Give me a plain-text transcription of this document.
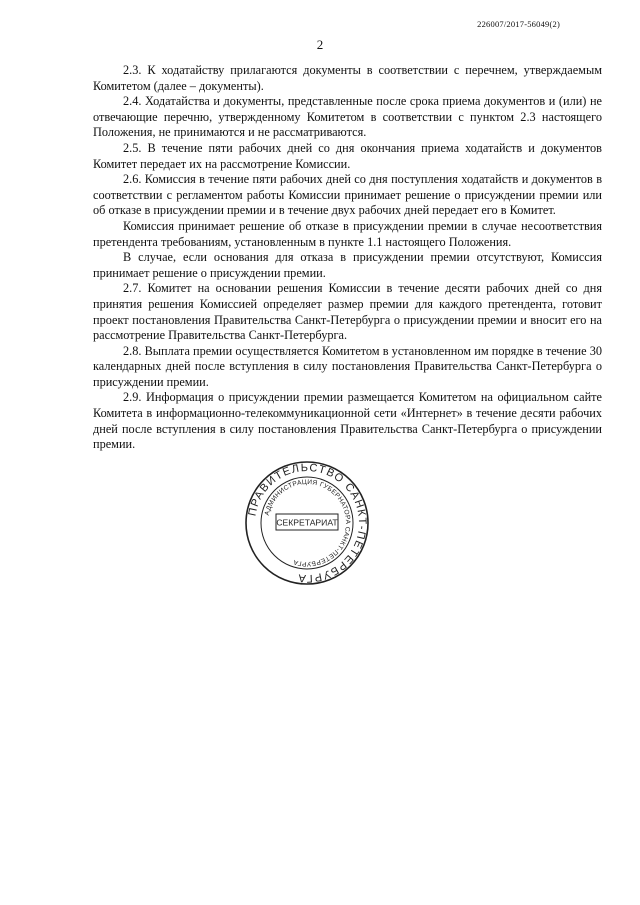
226007/2017-56049(2)
2

2.3. К ходатайству прилагаются документы в соответствии с перечнем, утверждаемым Комитетом (далее – документы).

2.4. Ходатайства и документы, представленные после срока приема документов и (или) не отвечающие перечню, утвержденному Комитетом в соответствии с пунктом 2.3 настоящего Положения, не принимаются и не рассматриваются.

2.5. В течение пяти рабочих дней со дня окончания приема ходатайств и документов Комитет передает их на рассмотрение Комиссии.

2.6. Комиссия в течение пяти рабочих дней со дня поступления ходатайств и документов в соответствии с регламентом работы Комиссии принимает решение о присуждении премии или об отказе в присуждении премии и в течение двух рабочих дней передает его в Комитет.

Комиссия принимает решение об отказе в присуждении премии в случае несоответствия претендента требованиям, установленным в пункте 1.1 настоящего Положения.

В случае, если основания для отказа в присуждении премии отсутствуют, Комиссия принимает решение о присуждении премии.

2.7. Комитет на основании решения Комиссии в течение десяти рабочих дней со дня принятия решения Комиссией определяет размер премии для каждого претендента, готовит проект постановления Правительства Санкт-Петербурга о присуждении премии и вносит его на рассмотрение Правительства Санкт-Петербурга.

2.8. Выплата премии осуществляется Комитетом в установленном им порядке в течение 30 календарных дней после вступления в силу постановления Правительства Санкт-Петербурга о присуждении премии.

2.9. Информация о присуждении премии размещается Комитетом на официальном сайте Комитета в информационно-телекоммуникационной сети «Интернет» в течение десяти рабочих дней после вступления в силу постановления Правительства Санкт-Петербурга о присуждении премии.

ПРАВИТЕЛЬСТВО САНКТ-ПЕТЕРБУРГА
АДМИНИСТРАЦИЯ ГУБЕРНАТОРА САНКТ-ПЕТЕРБУРГА
СЕКРЕТАРИАТ
